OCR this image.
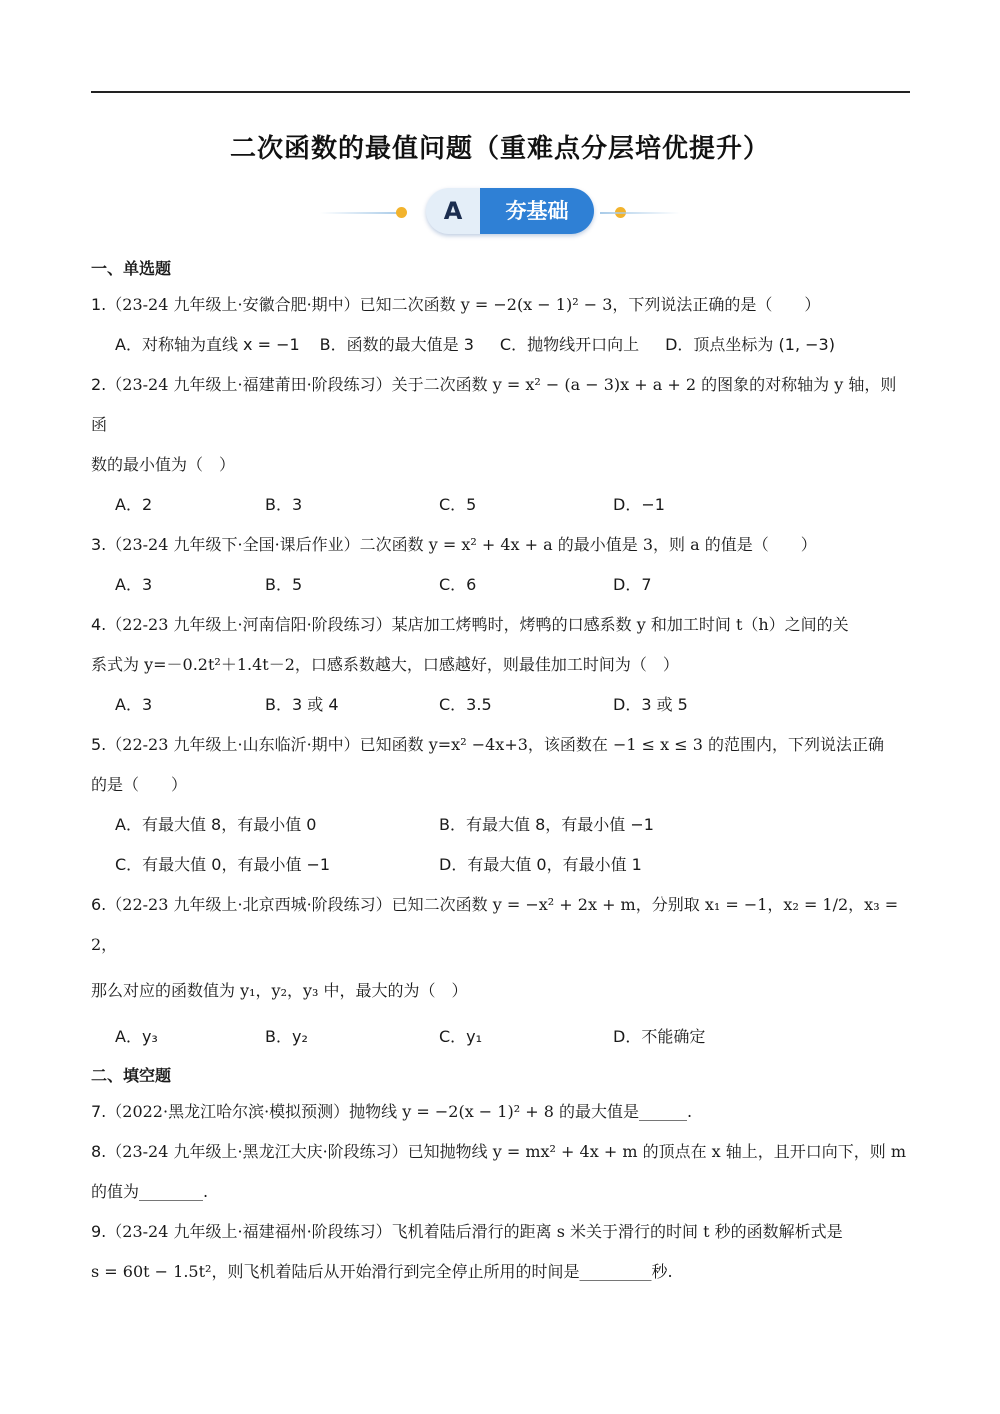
二次函数的最值问题（重难点分层培优提升）
A	夯基础
一、单选题
1.（23-24 九年级上·安徽合肥·期中）已知二次函数 y = −2(x − 1)² − 3，下列说法正确的是（　　）
A．对称轴为直线 x = −1 B．函数的最大值是 3 C．抛物线开口向上 D．顶点坐标为 (1, −3)
2.（23-24 九年级上·福建莆田·阶段练习）关于二次函数 y = x² − (a − 3)x + a + 2 的图象的对称轴为 y 轴，则函
数的最小值为（　）
A．2	B．3	C．5	D．−1
3.（23-24 九年级下·全国·课后作业）二次函数 y = x² + 4x + a 的最小值是 3，则 a 的值是（　　）
A．3	B．5	C．6	D．7
4.（22-23 九年级上·河南信阳·阶段练习）某店加工烤鸭时，烤鸭的口感系数 y 和加工时间 t（h）之间的关
系式为 y=－0.2t²＋1.4t－2，口感系数越大，口感越好，则最佳加工时间为（　）
A．3	B．3 或 4	C．3.5	D．3 或 5
5.（22-23 九年级上·山东临沂·期中）已知函数 y=x² −4x+3，该函数在 −1 ≤ x ≤ 3 的范围内，下列说法正确
的是（　　）
A．有最大值 8，有最小值 0	B．有最大值 8，有最小值 −1
C．有最大值 0，有最小值 −1	D．有最大值 0，有最小值 1
6.（22-23 九年级上·北京西城·阶段练习）已知二次函数 y = −x² + 2x + m，分别取 x₁ = −1，x₂ = 1/2，x₃ = 2，
那么对应的函数值为 y₁，y₂，y₃ 中，最大的为（　）
A．y₃	B．y₂	C．y₁	D．不能确定
二、填空题
7.（2022·黑龙江哈尔滨·模拟预测）抛物线 y = −2(x − 1)² + 8 的最大值是______.
8.（23-24 九年级上·黑龙江大庆·阶段练习）已知抛物线 y = mx² + 4x + m 的顶点在 x 轴上，且开口向下，则 m
的值为________.
9.（23-24 九年级上·福建福州·阶段练习）飞机着陆后滑行的距离 s 米关于滑行的时间 t 秒的函数解析式是
s = 60t − 1.5t²，则飞机着陆后从开始滑行到完全停止所用的时间是_________秒.
